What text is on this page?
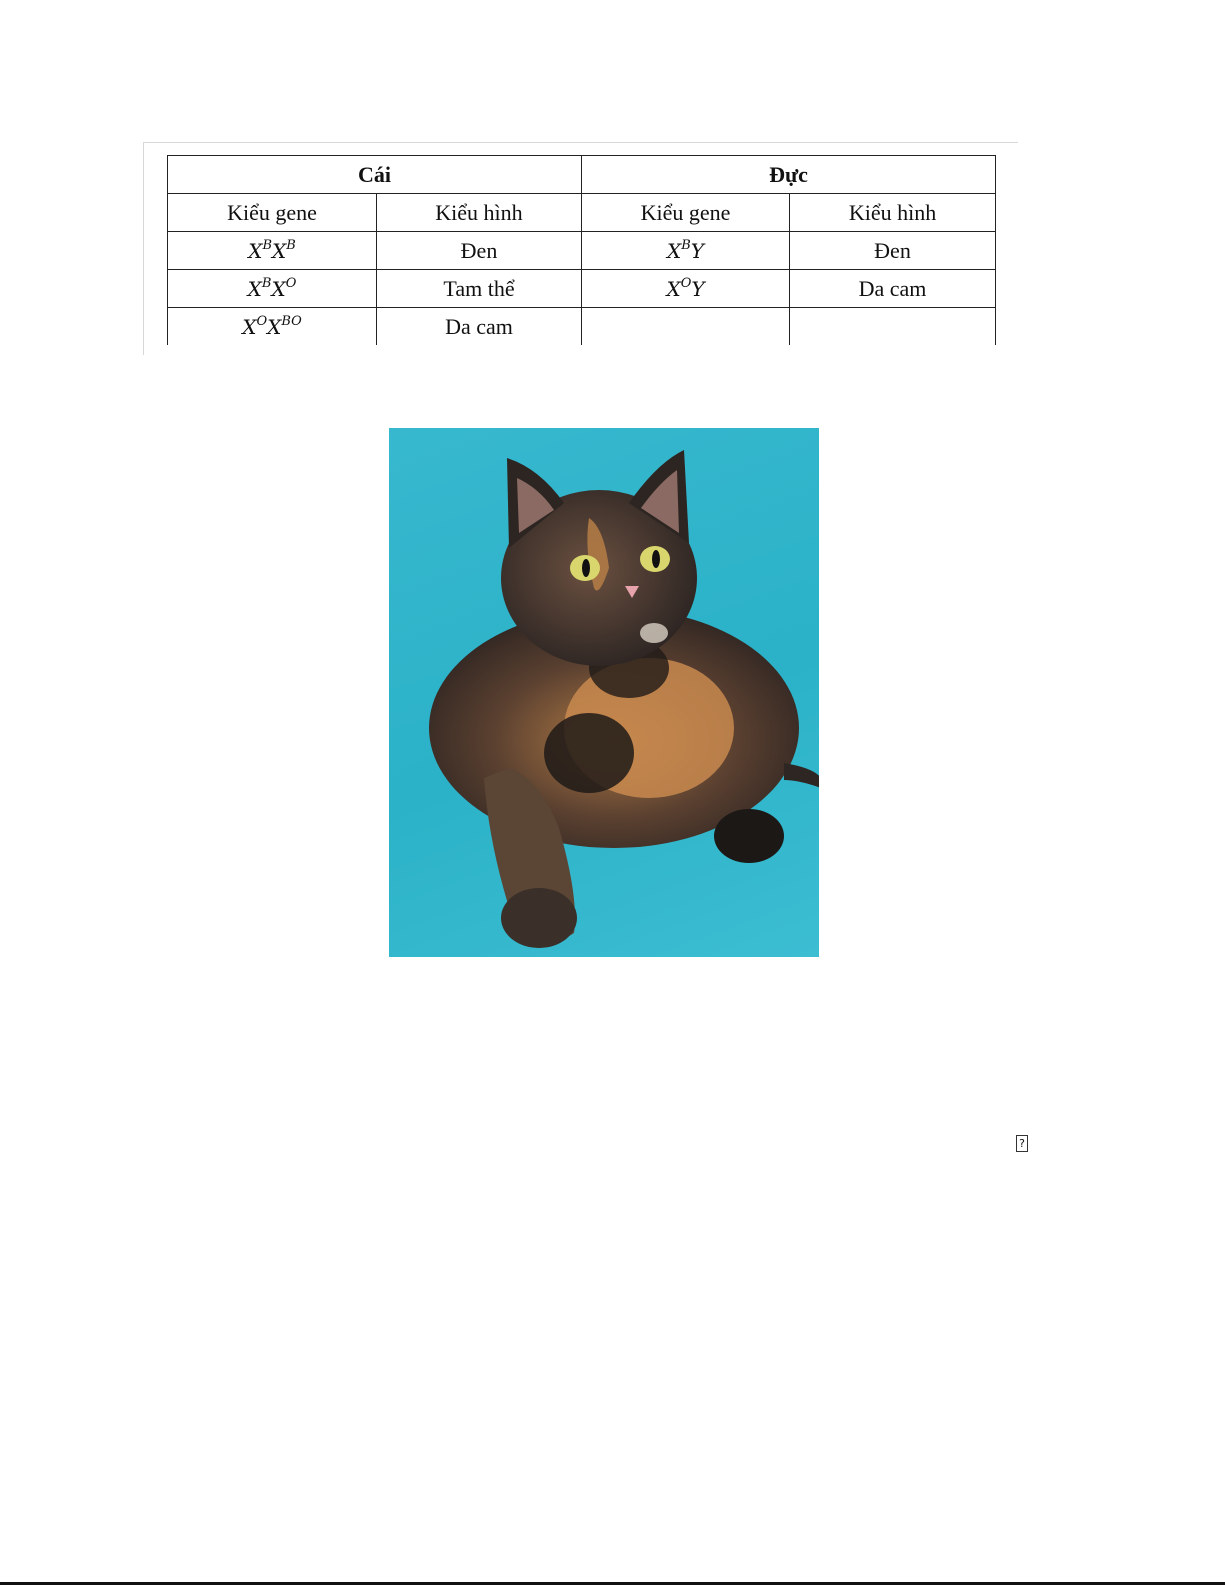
Cái		Đực	
Kiểu gene	Kiểu hình	Kiểu gene	Kiểu hình
$X^BX^B$	Đen	$X^BY$	Đen
$X^BX^O$	Tam thể	$X^OY$	Da cam
$X^OX^{BO}$	Da cam		
?
